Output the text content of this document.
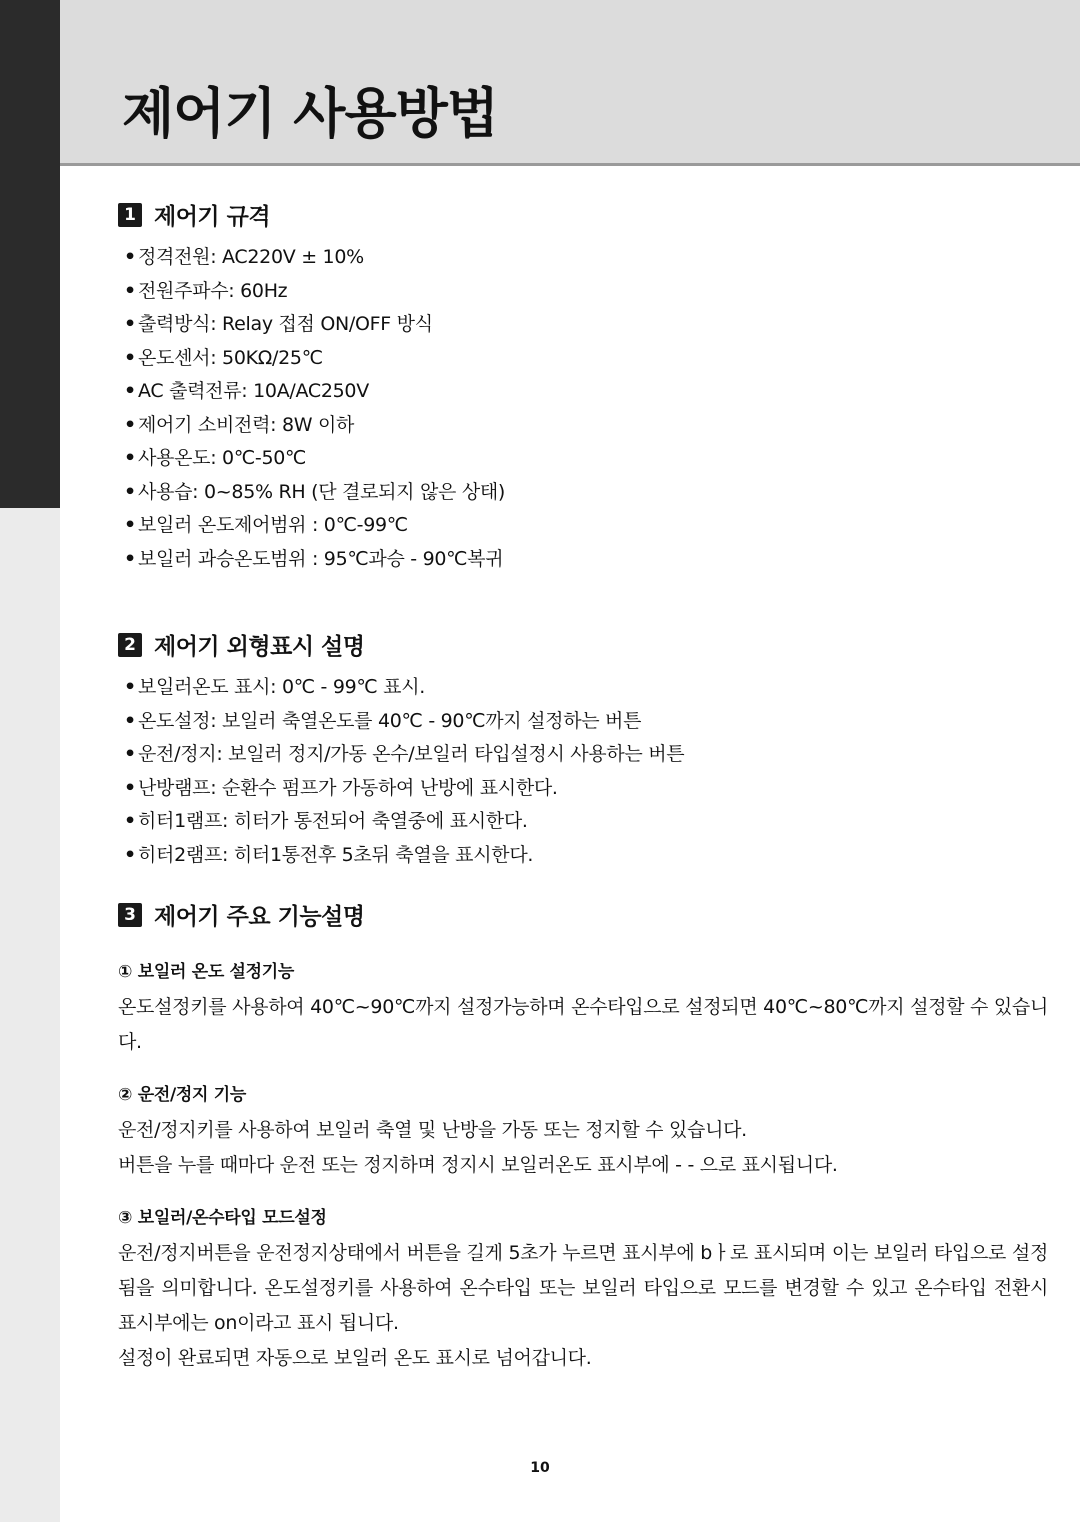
제어기 사용방법
1 제어기 규격
• 정격전원: AC220V ± 10%
• 전원주파수: 60Hz
• 출력방식: Relay 접점 ON/OFF 방식
• 온도센서: 50KΩ/25℃
• AC 출력전류: 10A/AC250V
• 제어기 소비전력: 8W 이하
• 사용온도: 0℃-50℃
• 사용습: 0~85% RH (단 결로되지 않은 상태)
• 보일러 온도제어범위 : 0℃-99℃
• 보일러 과승온도범위 : 95℃과승 - 90℃복귀
2 제어기 외형표시 설명
• 보일러온도 표시: 0℃ - 99℃ 표시.
• 온도설정: 보일러 축열온도를 40℃ - 90℃까지 설정하는 버튼
• 운전/정지: 보일러 정지/가동 온수/보일러 타입설정시 사용하는 버튼
• 난방램프: 순환수 펌프가 가동하여 난방에 표시한다.
• 히터1램프: 히터가 통전되어 축열중에 표시한다.
• 히터2램프: 히터1통전후 5초뒤 축열을 표시한다.
3 제어기 주요 기능설명

① 보일러 온도 설정기능

온도설정키를 사용하여 40℃~90℃까지 설정가능하며 온수타입으로 설정되면 40℃~80℃까지 설정할 수 있습니다.

② 운전/정지 기능

운전/정지키를 사용하여 보일러 축열 및 난방을 가동 또는 정지할 수 있습니다.

버튼을 누를 때마다 운전 또는 정지하며 정지시 보일러온도 표시부에 - - 으로 표시됩니다.

③ 보일러/온수타입 모드설정

운전/정지버튼을 운전정지상태에서 버튼을 길게 5초가 누르면 표시부에 bㅏ로 표시되며 이는 보일러 타입으로 설정됨을 의미합니다. 온도설정키를 사용하여 온수타입 또는 보일러 타입으로 모드를 변경할 수 있고 온수타입 전환시 표시부에는 on이라고 표시 됩니다.

설정이 완료되면 자동으로 보일러 온도 표시로 넘어갑니다.

10
